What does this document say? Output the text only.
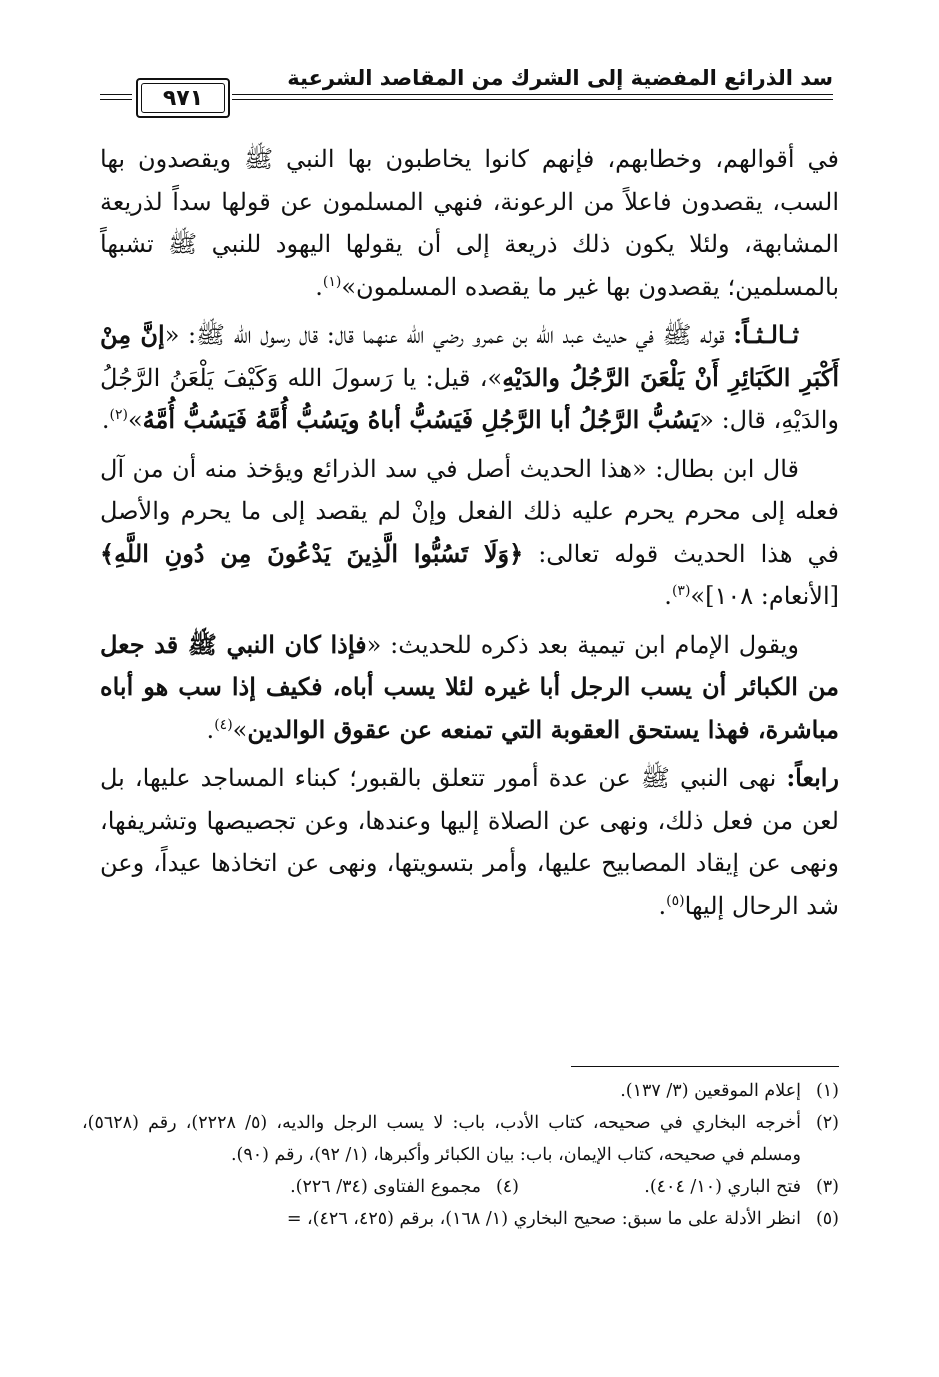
سد الذرائع المفضية إلى الشرك من المقاصد الشرعية
٩٧١

في أقوالهم، وخطابهم، فإنهم كانوا يخاطبون بها النبي ﷺ ويقصدون بها السب، يقصدون فاعلاً من الرعونة، فنهي المسلمون عن قولها سداً لذريعة المشابهة، ولئلا يكون ذلك ذريعة إلى أن يقولها اليهود للنبي ﷺ تشبهاً بالمسلمين؛ يقصدون بها غير ما يقصده المسلمون»$^{(١)}$.

ثـالـثـاً: قوله ﷺ في حديث عبد الله بن عمرو رضي الله عنهما قال: قال رسول الله ﷺ: «إنَّ مِنْ أَكْبَرِ الكَبَائِرِ أَنْ يَلْعَنَ الرَّجُلُ والدَيْهِ»، قيل: يا رَسولَ الله وَكَيْفَ يَلْعَنُ الرَّجُلُ والدَيْهِ، قال: «يَسُبُّ الرَّجُلُ أبا الرَّجُلِ فَيَسُبُّ أباهُ ويَسُبُّ أُمَّهُ فَيَسُبُّ أُمَّهُ»$^{(٢)}$.

قال ابن بطال: «هذا الحديث أصل في سد الذرائع ويؤخذ منه أن من آل فعله إلى محرم يحرم عليه ذلك الفعل وإنْ لم يقصد إلى ما يحرم والأصل في هذا الحديث قوله تعالى: ﴿وَلَا تَسُبُّوا الَّذِينَ يَدْعُونَ مِن دُونِ اللَّهِ﴾ [الأنعام: ١٠٨]»$^{(٣)}$.

ويقول الإمام ابن تيمية بعد ذكره للحديث: «فإذا كان النبي ﷺ قد جعل من الكبائر أن يسب الرجل أبا غيره لئلا يسب أباه، فكيف إذا سب هو أباه مباشرة، فهذا يستحق العقوبة التي تمنعه عن عقوق الوالدين»$^{(٤)}$.

رابعاً: نهى النبي ﷺ عن عدة أمور تتعلق بالقبور؛ كبناء المساجد عليها، بل لعن من فعل ذلك، ونهى عن الصلاة إليها وعندها، وعن تجصيصها وتشريفها، ونهى عن إيقاد المصابيح عليها، وأمر بتسويتها، ونهى عن اتخاذها عيداً، وعن شد الرحال إليها$^{(٥)}$.

(١)
إعلام الموقعين (٣/ ١٣٧).
(٢)
أخرجه البخاري في صحيحه، كتاب الأدب، باب: لا يسب الرجل والديه، (٥/ ٢٢٢٨)، رقم (٥٦٢٨)، ومسلم في صحيحه، كتاب الإيمان، باب: بيان الكبائر وأكبرها، (١/ ٩٢)، رقم (٩٠).
(٣)
فتح الباري (١٠/ ٤٠٤).
(٤)
مجموع الفتاوى (٣٤/ ٢٢٦).
(٥)
انظر الأدلة على ما سبق: صحيح البخاري (١/ ١٦٨)، برقم (٤٢٥، ٤٢٦)، =
